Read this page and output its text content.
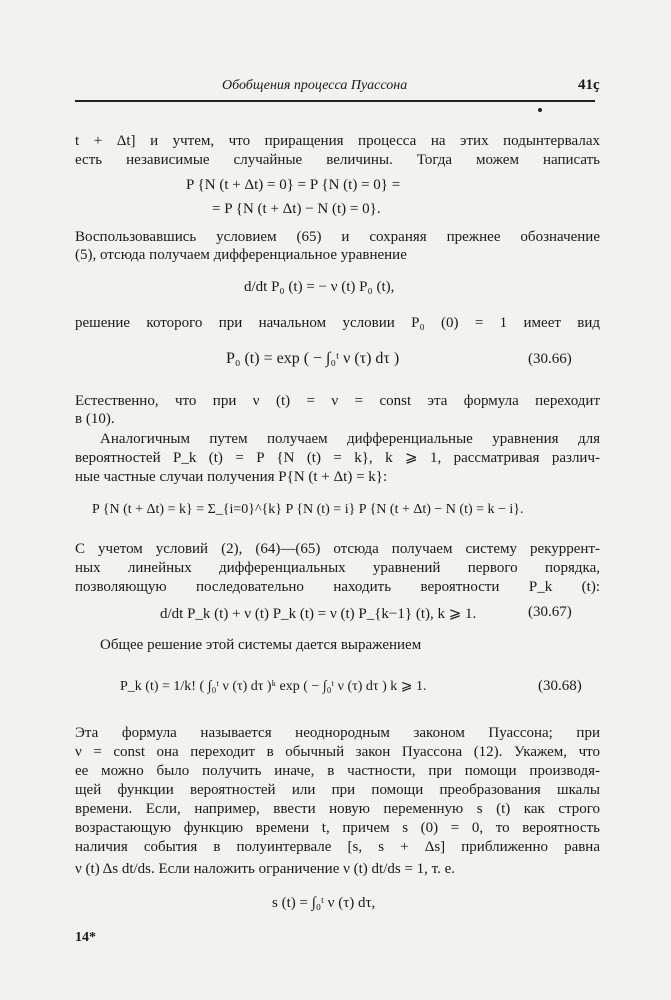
Обобщения процесса Пуассона	41ҫ
t + Δt] и учтем, что приращения процесса на этих подынтервалах
есть независимые случайные величины. Тогда можем написать
P {N (t + Δt) = 0} = P {N (t) = 0} =
= P {N (t + Δt) − N (t) = 0}.
Воспользовавшись условием (65) и сохраняя прежнее обозначение
(5), отсюда получаем дифференциальное уравнение
d/dt P₀ (t) = − ν (t) P₀ (t),
решение которого при начальном условии P₀ (0) = 1 имеет вид
P₀ (t) = exp ( − ∫₀ᵗ ν (τ) dτ )	(30.66)
Естественно, что при ν (t) = ν = const эта формула переходит
в (10).
Аналогичным путем получаем дифференциальные уравнения для
вероятностей P_k (t) = P {N (t) = k}, k ⩾ 1, рассматривая различ-
ные частные случаи получения P{N (t + Δt) = k}:
P {N (t + Δt) = k} = Σ_{i=0}^{k} P {N (t) = i} P {N (t + Δt) − N (t) = k − i}.
С учетом условий (2), (64)—(65) отсюда получаем систему рекуррент-
ных линейных дифференциальных уравнений первого порядка,
позволяющую последовательно находить вероятности P_k (t):
d/dt P_k (t) + ν (t) P_k (t) = ν (t) P_{k−1} (t), k ⩾ 1.	(30.67)
Общее решение этой системы дается выражением
P_k (t) = 1/k! ( ∫₀ᵗ ν (τ) dτ )ᵏ exp ( − ∫₀ᵗ ν (τ) dτ ) k ⩾ 1.	(30.68)
Эта формула называется неоднородным законом Пуассона; при
ν = const она переходит в обычный закон Пуассона (12). Укажем, что
ее можно было получить иначе, в частности, при помощи производя-
щей функции вероятностей или при помощи преобразования шкалы
времени. Если, например, ввести новую переменную s (t) как строго
возрастающую функцию времени t, причем s (0) = 0, то вероятность
наличия события в полуинтервале [s, s + Δs] приближенно равна
ν (t) Δs dt/ds. Если наложить ограничение ν (t) dt/ds = 1, т. е.
s (t) = ∫₀ᵗ ν (τ) dτ,
14*
